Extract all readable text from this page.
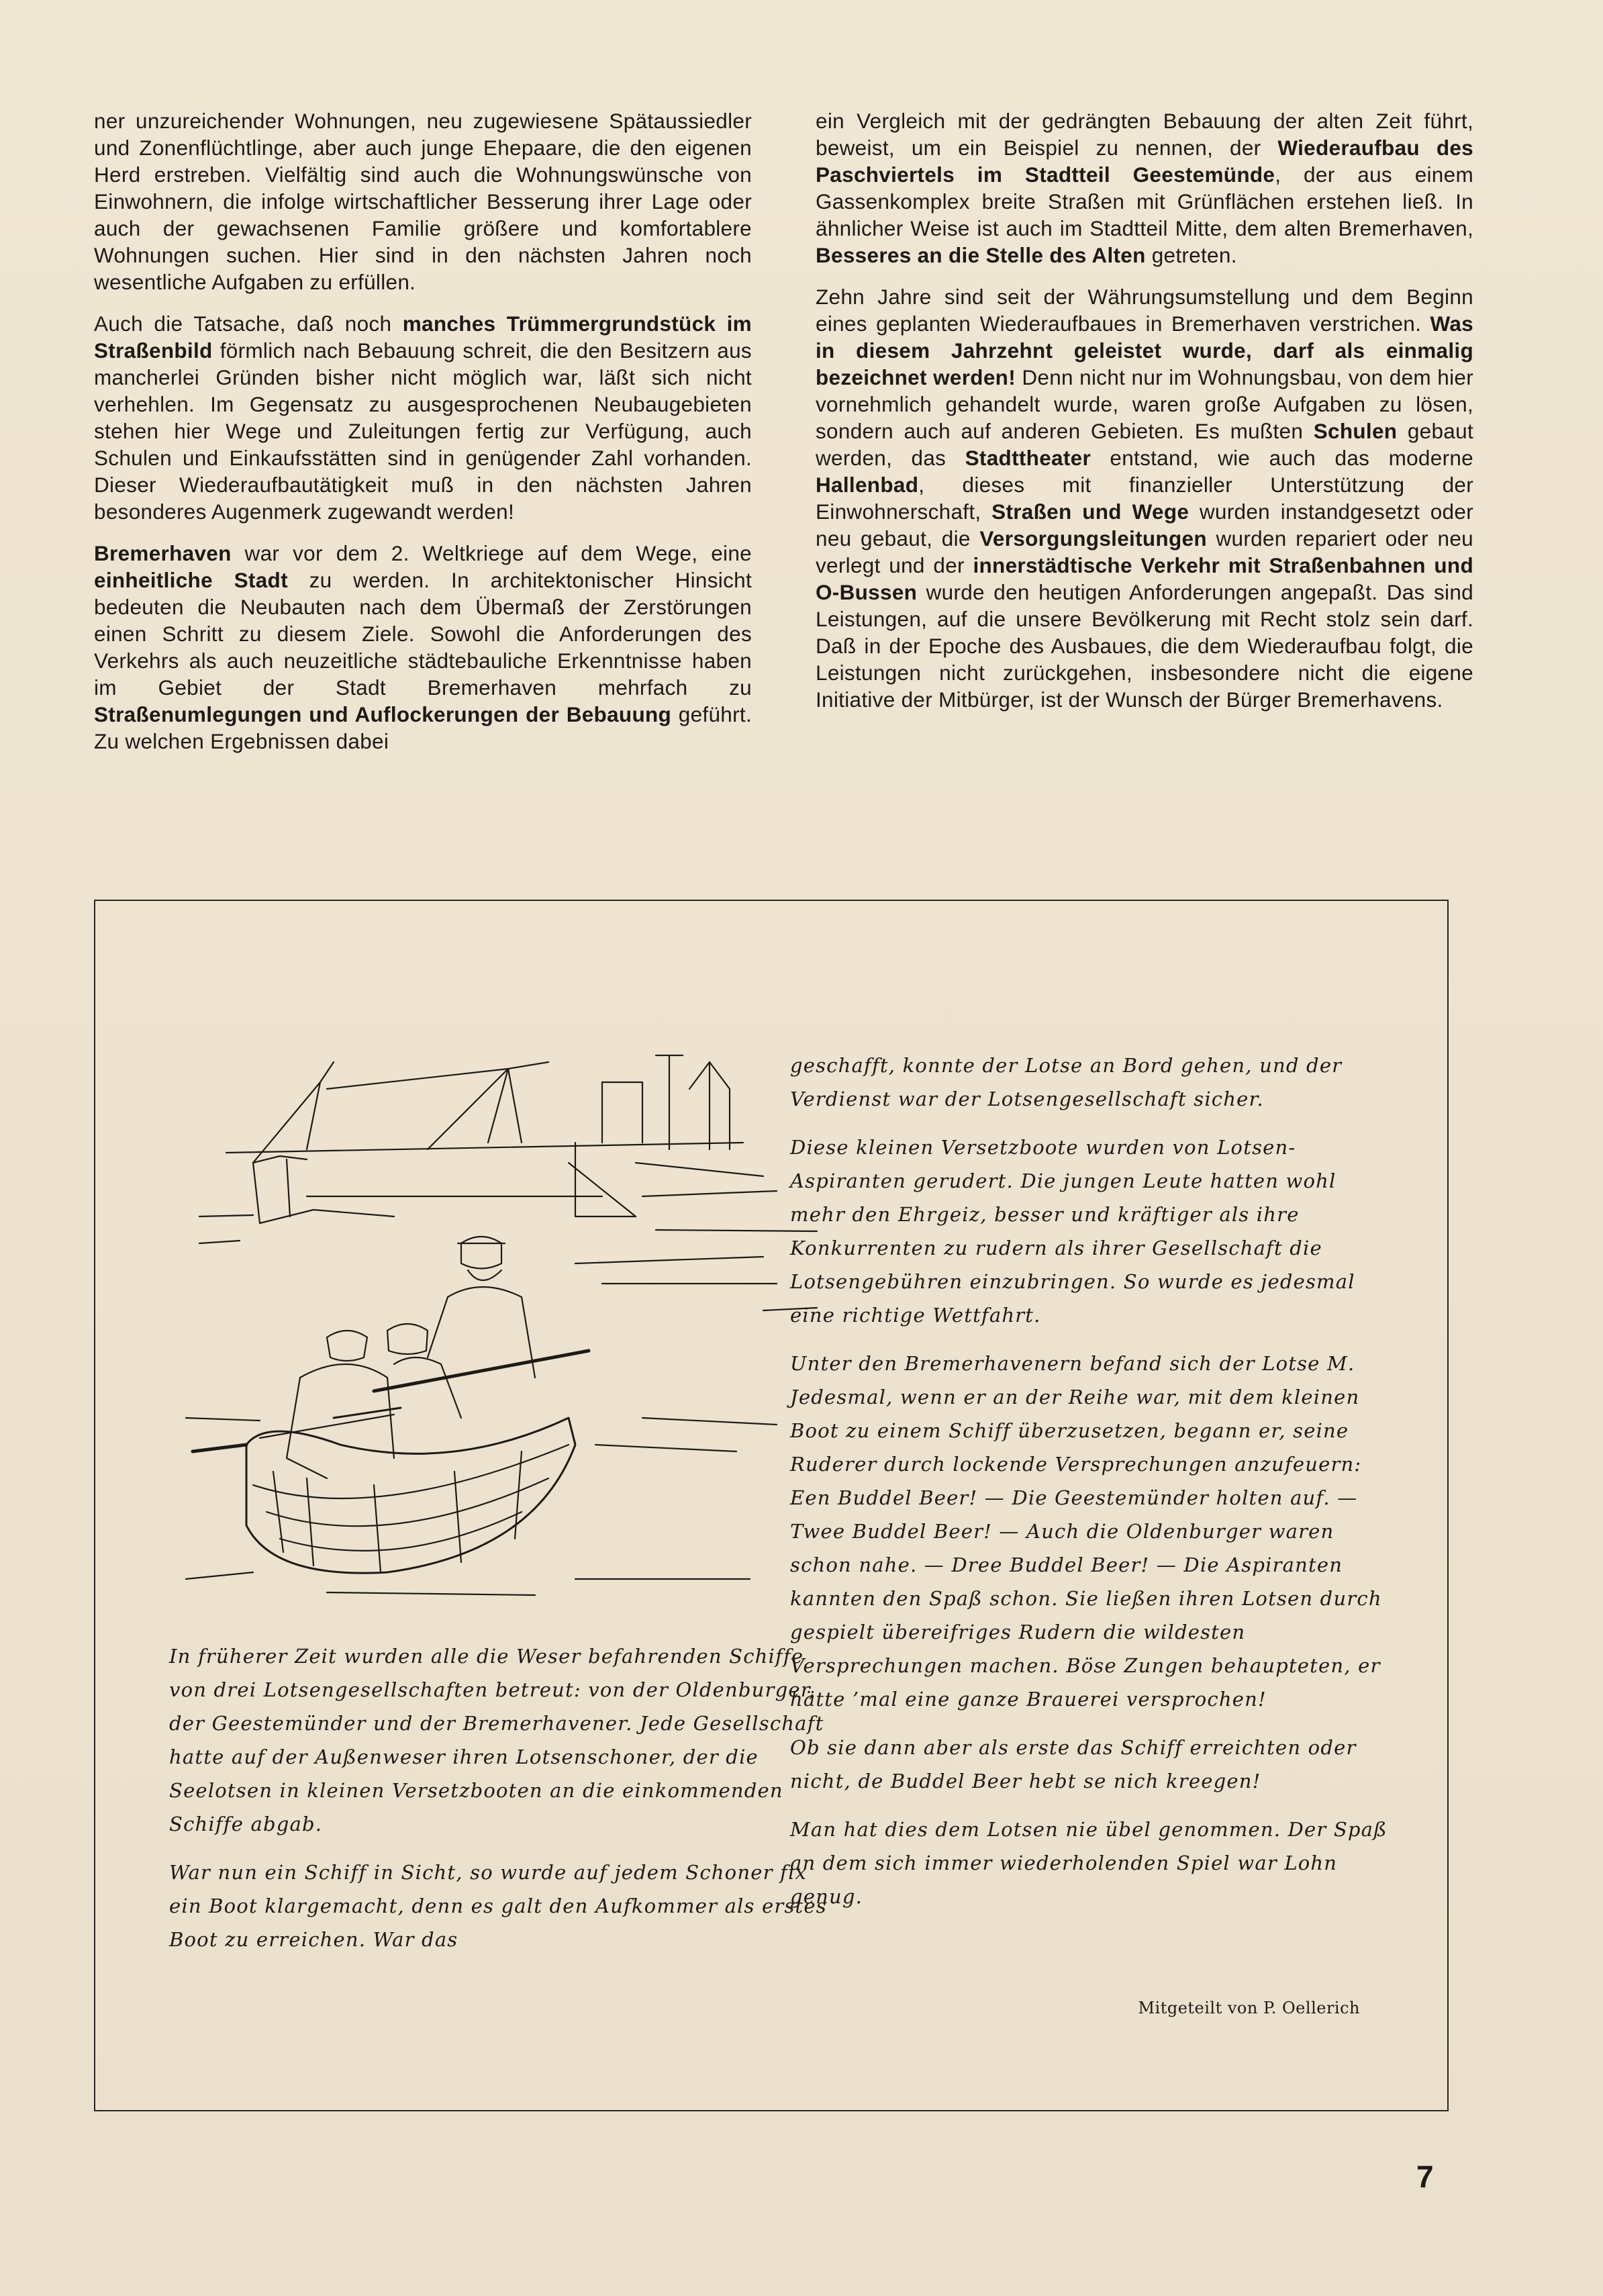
ner unzureichender Wohnungen, neu zugewiesene Spätaussiedler und Zonenflüchtlinge, aber auch junge Ehepaare, die den eigenen Herd erstreben. Vielfältig sind auch die Wohnungswünsche von Einwohnern, die infolge wirtschaftlicher Besserung ihrer Lage oder auch der gewachsenen Familie größere und komfortablere Wohnungen suchen. Hier sind in den nächsten Jahren noch wesentliche Aufgaben zu erfüllen.

Auch die Tatsache, daß noch manches Trümmergrundstück im Straßenbild förmlich nach Bebauung schreit, die den Besitzern aus mancherlei Gründen bisher nicht möglich war, läßt sich nicht verhehlen. Im Gegensatz zu ausgesprochenen Neubaugebieten stehen hier Wege und Zuleitungen fertig zur Verfügung, auch Schulen und Einkaufsstätten sind in genügender Zahl vorhanden. Dieser Wiederaufbautätigkeit muß in den nächsten Jahren besonderes Augenmerk zugewandt werden!

Bremerhaven war vor dem 2. Weltkriege auf dem Wege, eine einheitliche Stadt zu werden. In architektonischer Hinsicht bedeuten die Neubauten nach dem Übermaß der Zerstörungen einen Schritt zu diesem Ziele. Sowohl die Anforderungen des Verkehrs als auch neuzeitliche städtebauliche Erkenntnisse haben im Gebiet der Stadt Bremerhaven mehrfach zu Straßenumlegungen und Auflockerungen der Bebauung geführt. Zu welchen Ergebnissen dabei

ein Vergleich mit der gedrängten Bebauung der alten Zeit führt, beweist, um ein Beispiel zu nennen, der Wiederaufbau des Paschviertels im Stadtteil Geestemünde, der aus einem Gassenkomplex breite Straßen mit Grünflächen erstehen ließ. In ähnlicher Weise ist auch im Stadtteil Mitte, dem alten Bremerhaven, Besseres an die Stelle des Alten getreten.

Zehn Jahre sind seit der Währungsumstellung und dem Beginn eines geplanten Wiederaufbaues in Bremerhaven verstrichen. Was in diesem Jahrzehnt geleistet wurde, darf als einmalig bezeichnet werden! Denn nicht nur im Wohnungsbau, von dem hier vornehmlich gehandelt wurde, waren große Aufgaben zu lösen, sondern auch auf anderen Gebieten. Es mußten Schulen gebaut werden, das Stadttheater entstand, wie auch das moderne Hallenbad, dieses mit finanzieller Unterstützung der Einwohnerschaft, Straßen und Wege wurden instandgesetzt oder neu gebaut, die Versorgungsleitungen wurden repariert oder neu verlegt und der innerstädtische Verkehr mit Straßenbahnen und O-Bussen wurde den heutigen Anforderungen angepaßt. Das sind Leistungen, auf die unsere Bevölkerung mit Recht stolz sein darf. Daß in der Epoche des Ausbaues, die dem Wiederaufbau folgt, die Leistungen nicht zurückgehen, insbesondere nicht die eigene Initiative der Mitbürger, ist der Wunsch der Bürger Bremerhavens.

In früherer Zeit wurden alle die Weser befahrenden Schiffe von drei Lotsengesellschaften betreut: von der Oldenburger, der Geestemünder und der Bremerhavener. Jede Gesellschaft hatte auf der Außenweser ihren Lotsenschoner, der die Seelotsen in kleinen Versetzbooten an die einkommenden Schiffe abgab.

War nun ein Schiff in Sicht, so wurde auf jedem Schoner fix ein Boot klargemacht, denn es galt den Aufkommer als erstes Boot zu erreichen. War das

geschafft, konnte der Lotse an Bord gehen, und der Verdienst war der Lotsengesellschaft sicher.

Diese kleinen Versetzboote wurden von Lotsen-Aspiranten gerudert. Die jungen Leute hatten wohl mehr den Ehrgeiz, besser und kräftiger als ihre Konkurrenten zu rudern als ihrer Gesellschaft die Lotsengebühren einzubringen. So wurde es jedesmal eine richtige Wettfahrt.

Unter den Bremerhavenern befand sich der Lotse M. Jedesmal, wenn er an der Reihe war, mit dem kleinen Boot zu einem Schiff überzusetzen, begann er, seine Ruderer durch lockende Versprechungen anzufeuern: Een Buddel Beer! — Die Geestemünder holten auf. — Twee Buddel Beer! — Auch die Oldenburger waren schon nahe. — Dree Buddel Beer! — Die Aspiranten kannten den Spaß schon. Sie ließen ihren Lotsen durch gespielt übereifriges Rudern die wildesten Versprechungen machen. Böse Zungen behaupteten, er hätte ’mal eine ganze Brauerei versprochen!

Ob sie dann aber als erste das Schiff erreichten oder nicht, de Buddel Beer hebt se nich kreegen!

Man hat dies dem Lotsen nie übel genommen. Der Spaß an dem sich immer wiederholenden Spiel war Lohn genug.

Mitgeteilt von P. Oellerich
7
